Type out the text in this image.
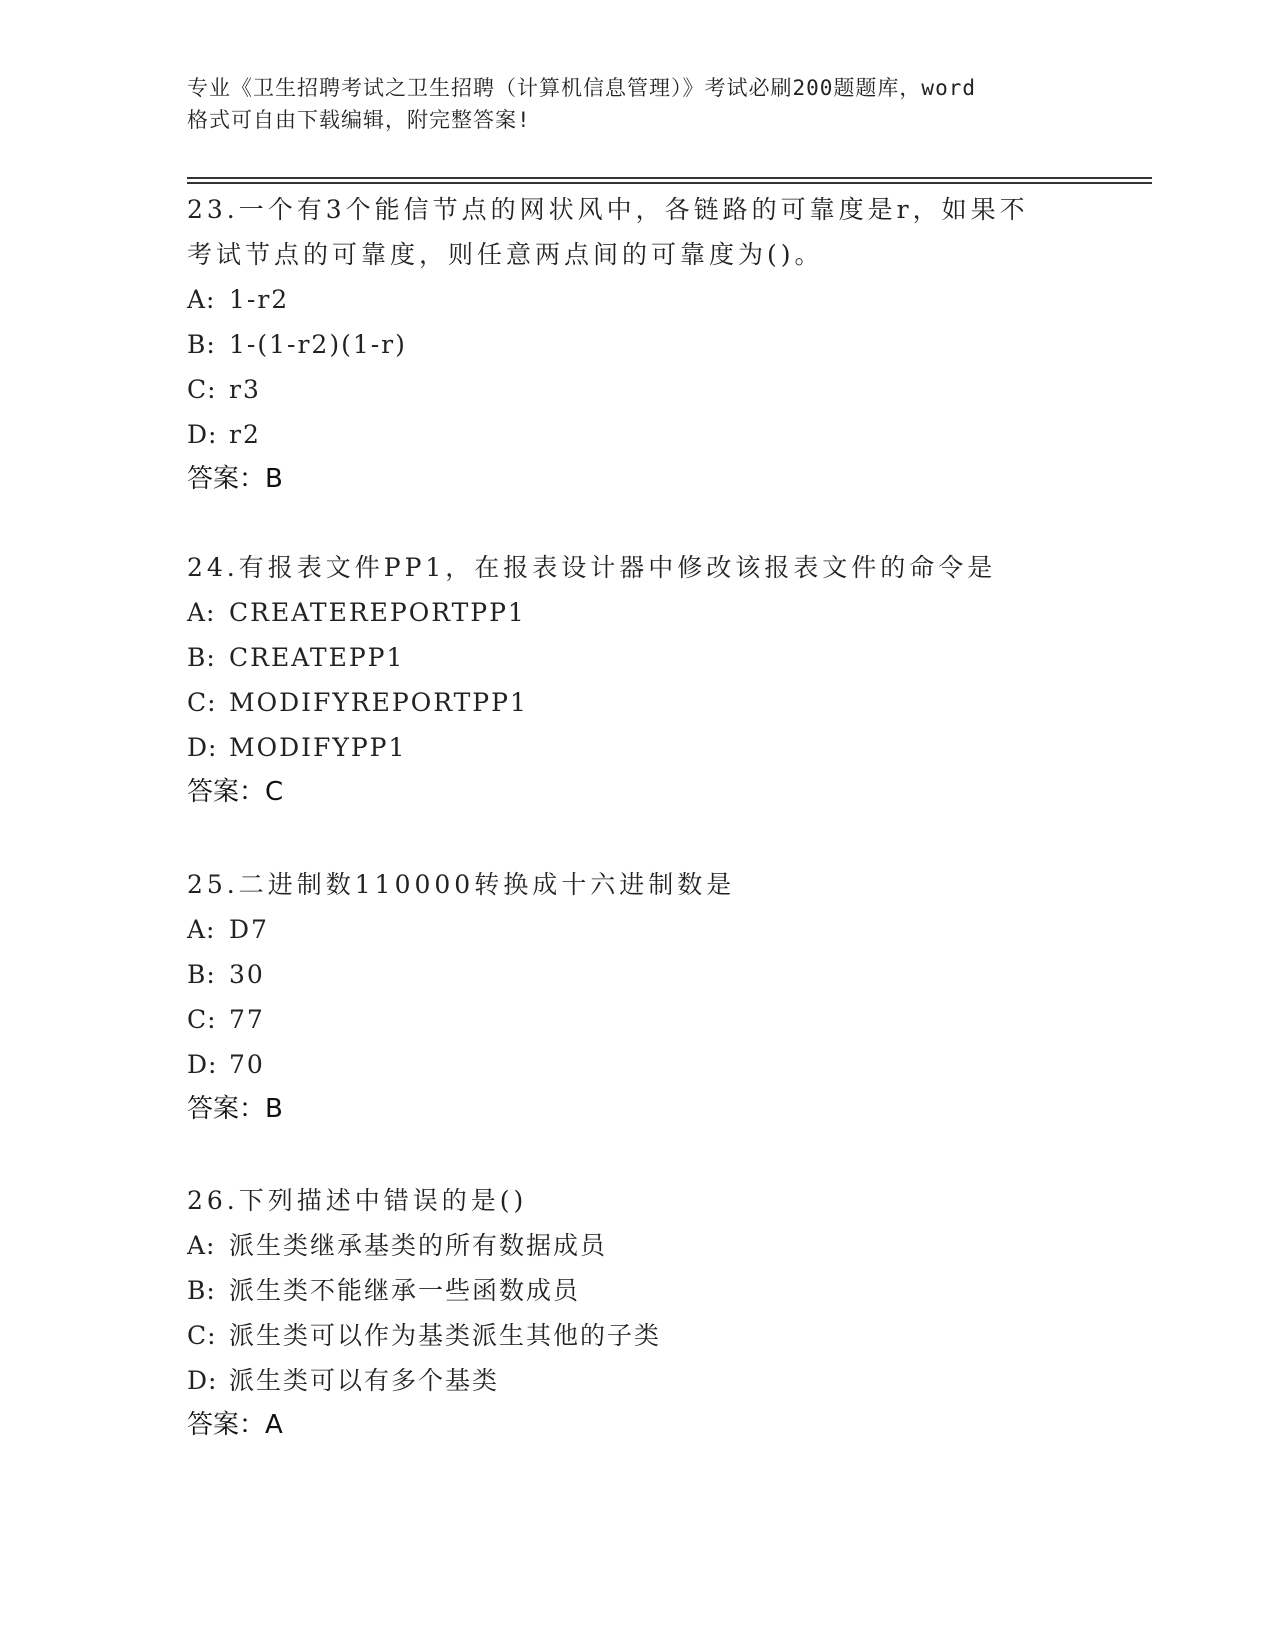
专业《卫生招聘考试之卫生招聘（计算机信息管理）》考试必刷200题题库，word
格式可自由下载编辑，附完整答案!

23.一个有3个能信节点的网状风中，各链路的可靠度是r，如果不考试节点的可靠度，则任意两点间的可靠度为()。

A: 1-r2
B: 1-(1-r2)(1-r)
C: r3
D: r2
答案：B

24.有报表文件PP1，在报表设计器中修改该报表文件的命令是

A: CREATEREPORTPP1
B: CREATEPP1
C: MODIFYREPORTPP1
D: MODIFYPP1
答案：C

25.二进制数110000转换成十六进制数是

A: D7
B: 30
C: 77
D: 70
答案：B

26.下列描述中错误的是()

A: 派生类继承基类的所有数据成员
B: 派生类不能继承一些函数成员
C: 派生类可以作为基类派生其他的子类
D: 派生类可以有多个基类
答案：A
